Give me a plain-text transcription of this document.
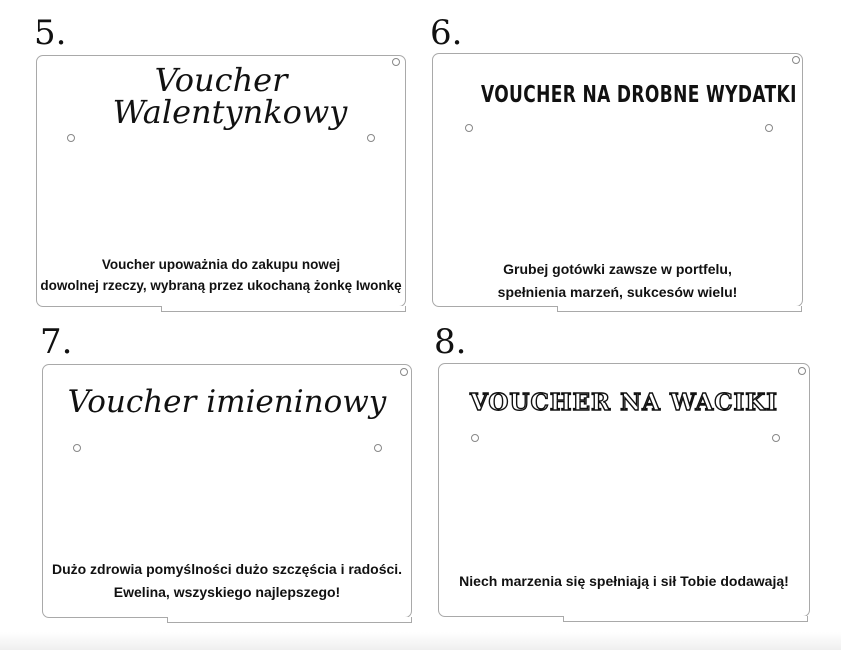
5.
Voucher
Walentynkowy
Voucher upoważnia do zakupu nowej
dowolnej rzeczy, wybraną przez ukochaną żonkę Iwonkę
6.
VOUCHER NA DROBNE WYDATKI
Grubej gotówki zawsze w portfelu,
spełnienia marzeń, sukcesów wielu!
7.
Voucher imieninowy
Dużo zdrowia pomyślności dużo szczęścia i radości.
Ewelina, wszyskiego najlepszego!
8.
VOUCHER NA WACIKI
Niech marzenia się spełniają i sił Tobie dodawają!
